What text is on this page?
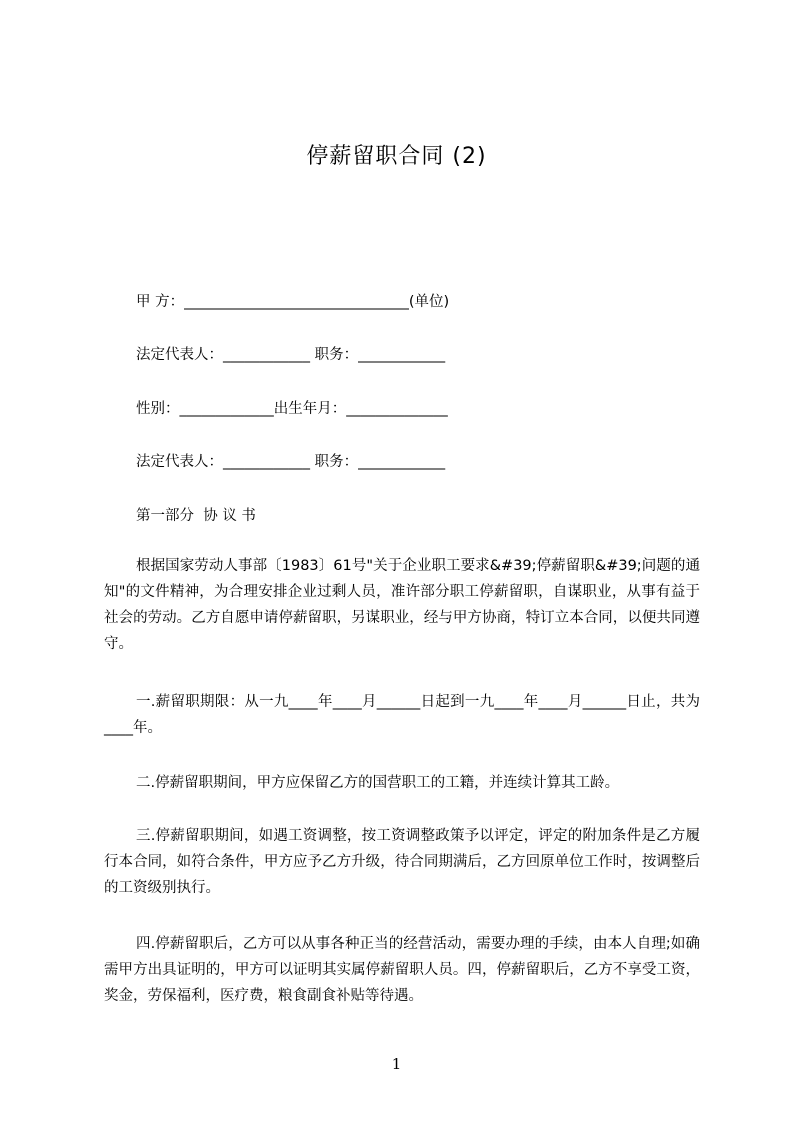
停薪留职合同 (2)
甲 方：_______________________________(单位)
法定代表人：____________ 职务：____________
性别：_____________出生年月：______________
法定代表人：____________ 职务：____________
第一部分  协 议 书
根据国家劳动人事部〔1983〕61号"关于企业职工要求&#39;停薪留职&#39;问题的通知"的文件精神，为合理安排企业过剩人员，准许部分职工停薪留职，自谋职业，从事有益于社会的劳动。乙方自愿申请停薪留职，另谋职业，经与甲方协商，特订立本合同，以便共同遵守。
一.薪留职期限：从一九____年____月______日起到一九____年____月______日止，共为____年。
二.停薪留职期间，甲方应保留乙方的国营职工的工籍，并连续计算其工龄。
三.停薪留职期间，如遇工资调整，按工资调整政策予以评定，评定的附加条件是乙方履行本合同，如符合条件，甲方应予乙方升级，待合同期满后，乙方回原单位工作时，按调整后的工资级别执行。
四.停薪留职后，乙方可以从事各种正当的经营活动，需要办理的手续，由本人自理;如确需甲方出具证明的，甲方可以证明其实属停薪留职人员。四，停薪留职后，乙方不享受工资，奖金，劳保福利，医疗费，粮食副食补贴等待遇。
1
